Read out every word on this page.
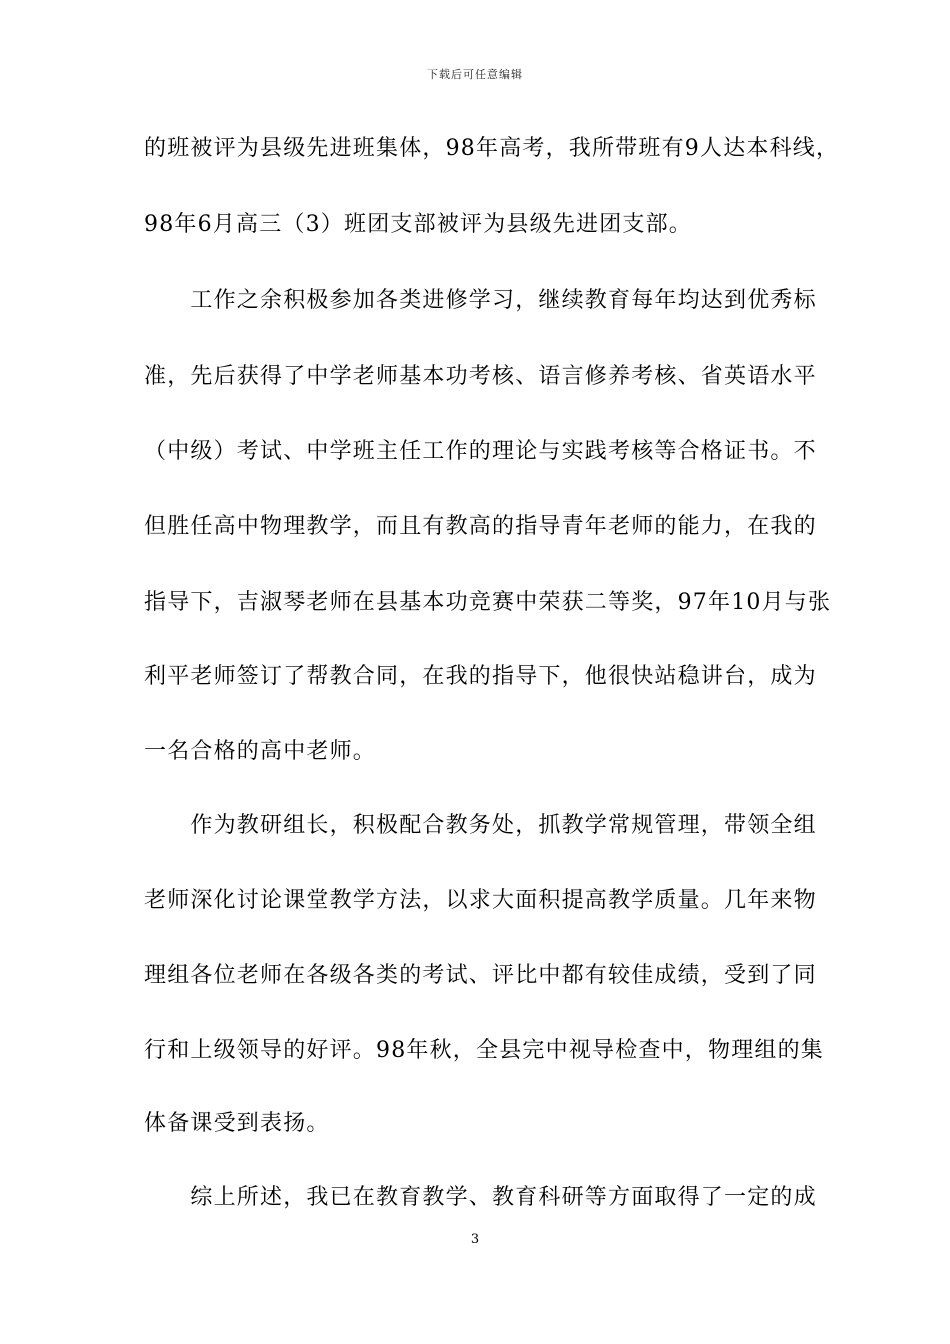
下载后可任意编辑
的班被评为县级先进班集体，98年高考，我所带班有9人达本科线，
98年6月高三（3）班团支部被评为县级先进团支部。
　　工作之余积极参加各类进修学习，继续教育每年均达到优秀标
准，先后获得了中学老师基本功考核、语言修养考核、省英语水平
（中级）考试、中学班主任工作的理论与实践考核等合格证书。不
但胜任高中物理教学，而且有教高的指导青年老师的能力，在我的
指导下，吉淑琴老师在县基本功竞赛中荣获二等奖，97年10月与张
利平老师签订了帮教合同，在我的指导下，他很快站稳讲台，成为
一名合格的高中老师。
　　作为教研组长，积极配合教务处，抓教学常规管理，带领全组
老师深化讨论课堂教学方法，以求大面积提高教学质量。几年来物
理组各位老师在各级各类的考试、评比中都有较佳成绩，受到了同
行和上级领导的好评。98年秋，全县完中视导检查中，物理组的集
体备课受到表扬。
　　综上所述，我已在教育教学、教育科研等方面取得了一定的成
3
